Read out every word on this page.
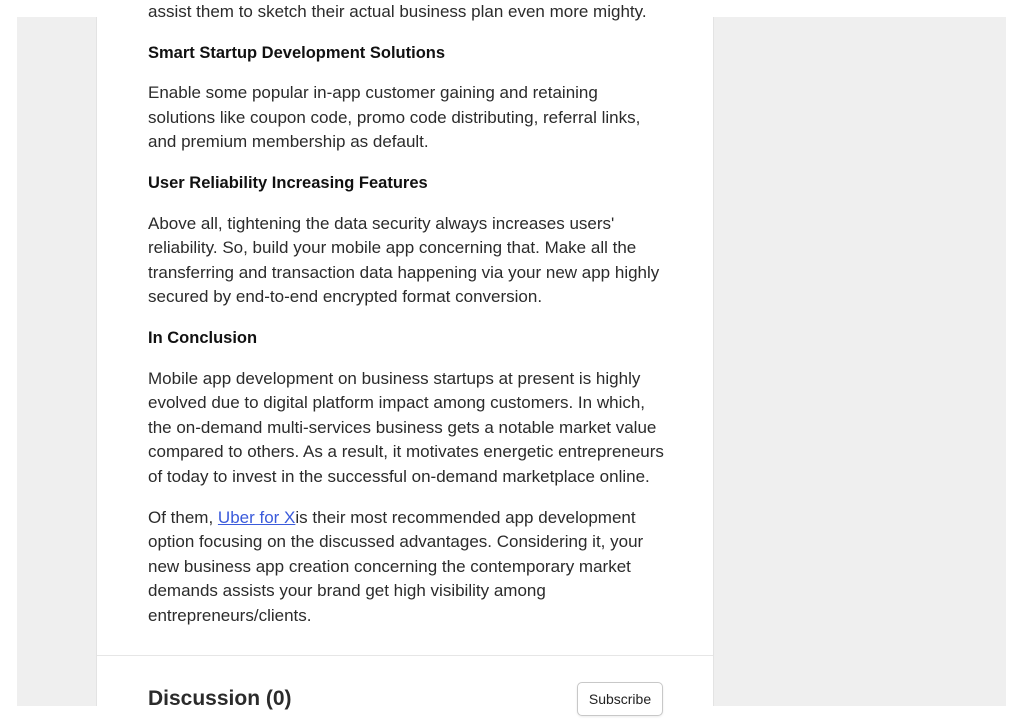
assist them to sketch their actual business plan even more mighty.

Smart Startup Development Solutions

Enable some popular in-app customer gaining and retaining solutions like coupon code, promo code distributing, referral links, and premium membership as default.

User Reliability Increasing Features

Above all, tightening the data security always increases users' reliability. So, build your mobile app concerning that. Make all the transferring and transaction data happening via your new app highly secured by end-to-end encrypted format conversion.

In Conclusion

Mobile app development on business startups at present is highly evolved due to digital platform impact among customers. In which, the on-demand multi-services business gets a notable market value compared to others. As a result, it motivates energetic entrepreneurs of today to invest in the successful on-demand marketplace online.

Of them, Uber for Xis their most recommended app development option focusing on the discussed advantages. Considering it, your new business app creation concerning the contemporary market demands assists your brand get high visibility among entrepreneurs/clients.

Discussion (0)	Subscribe
